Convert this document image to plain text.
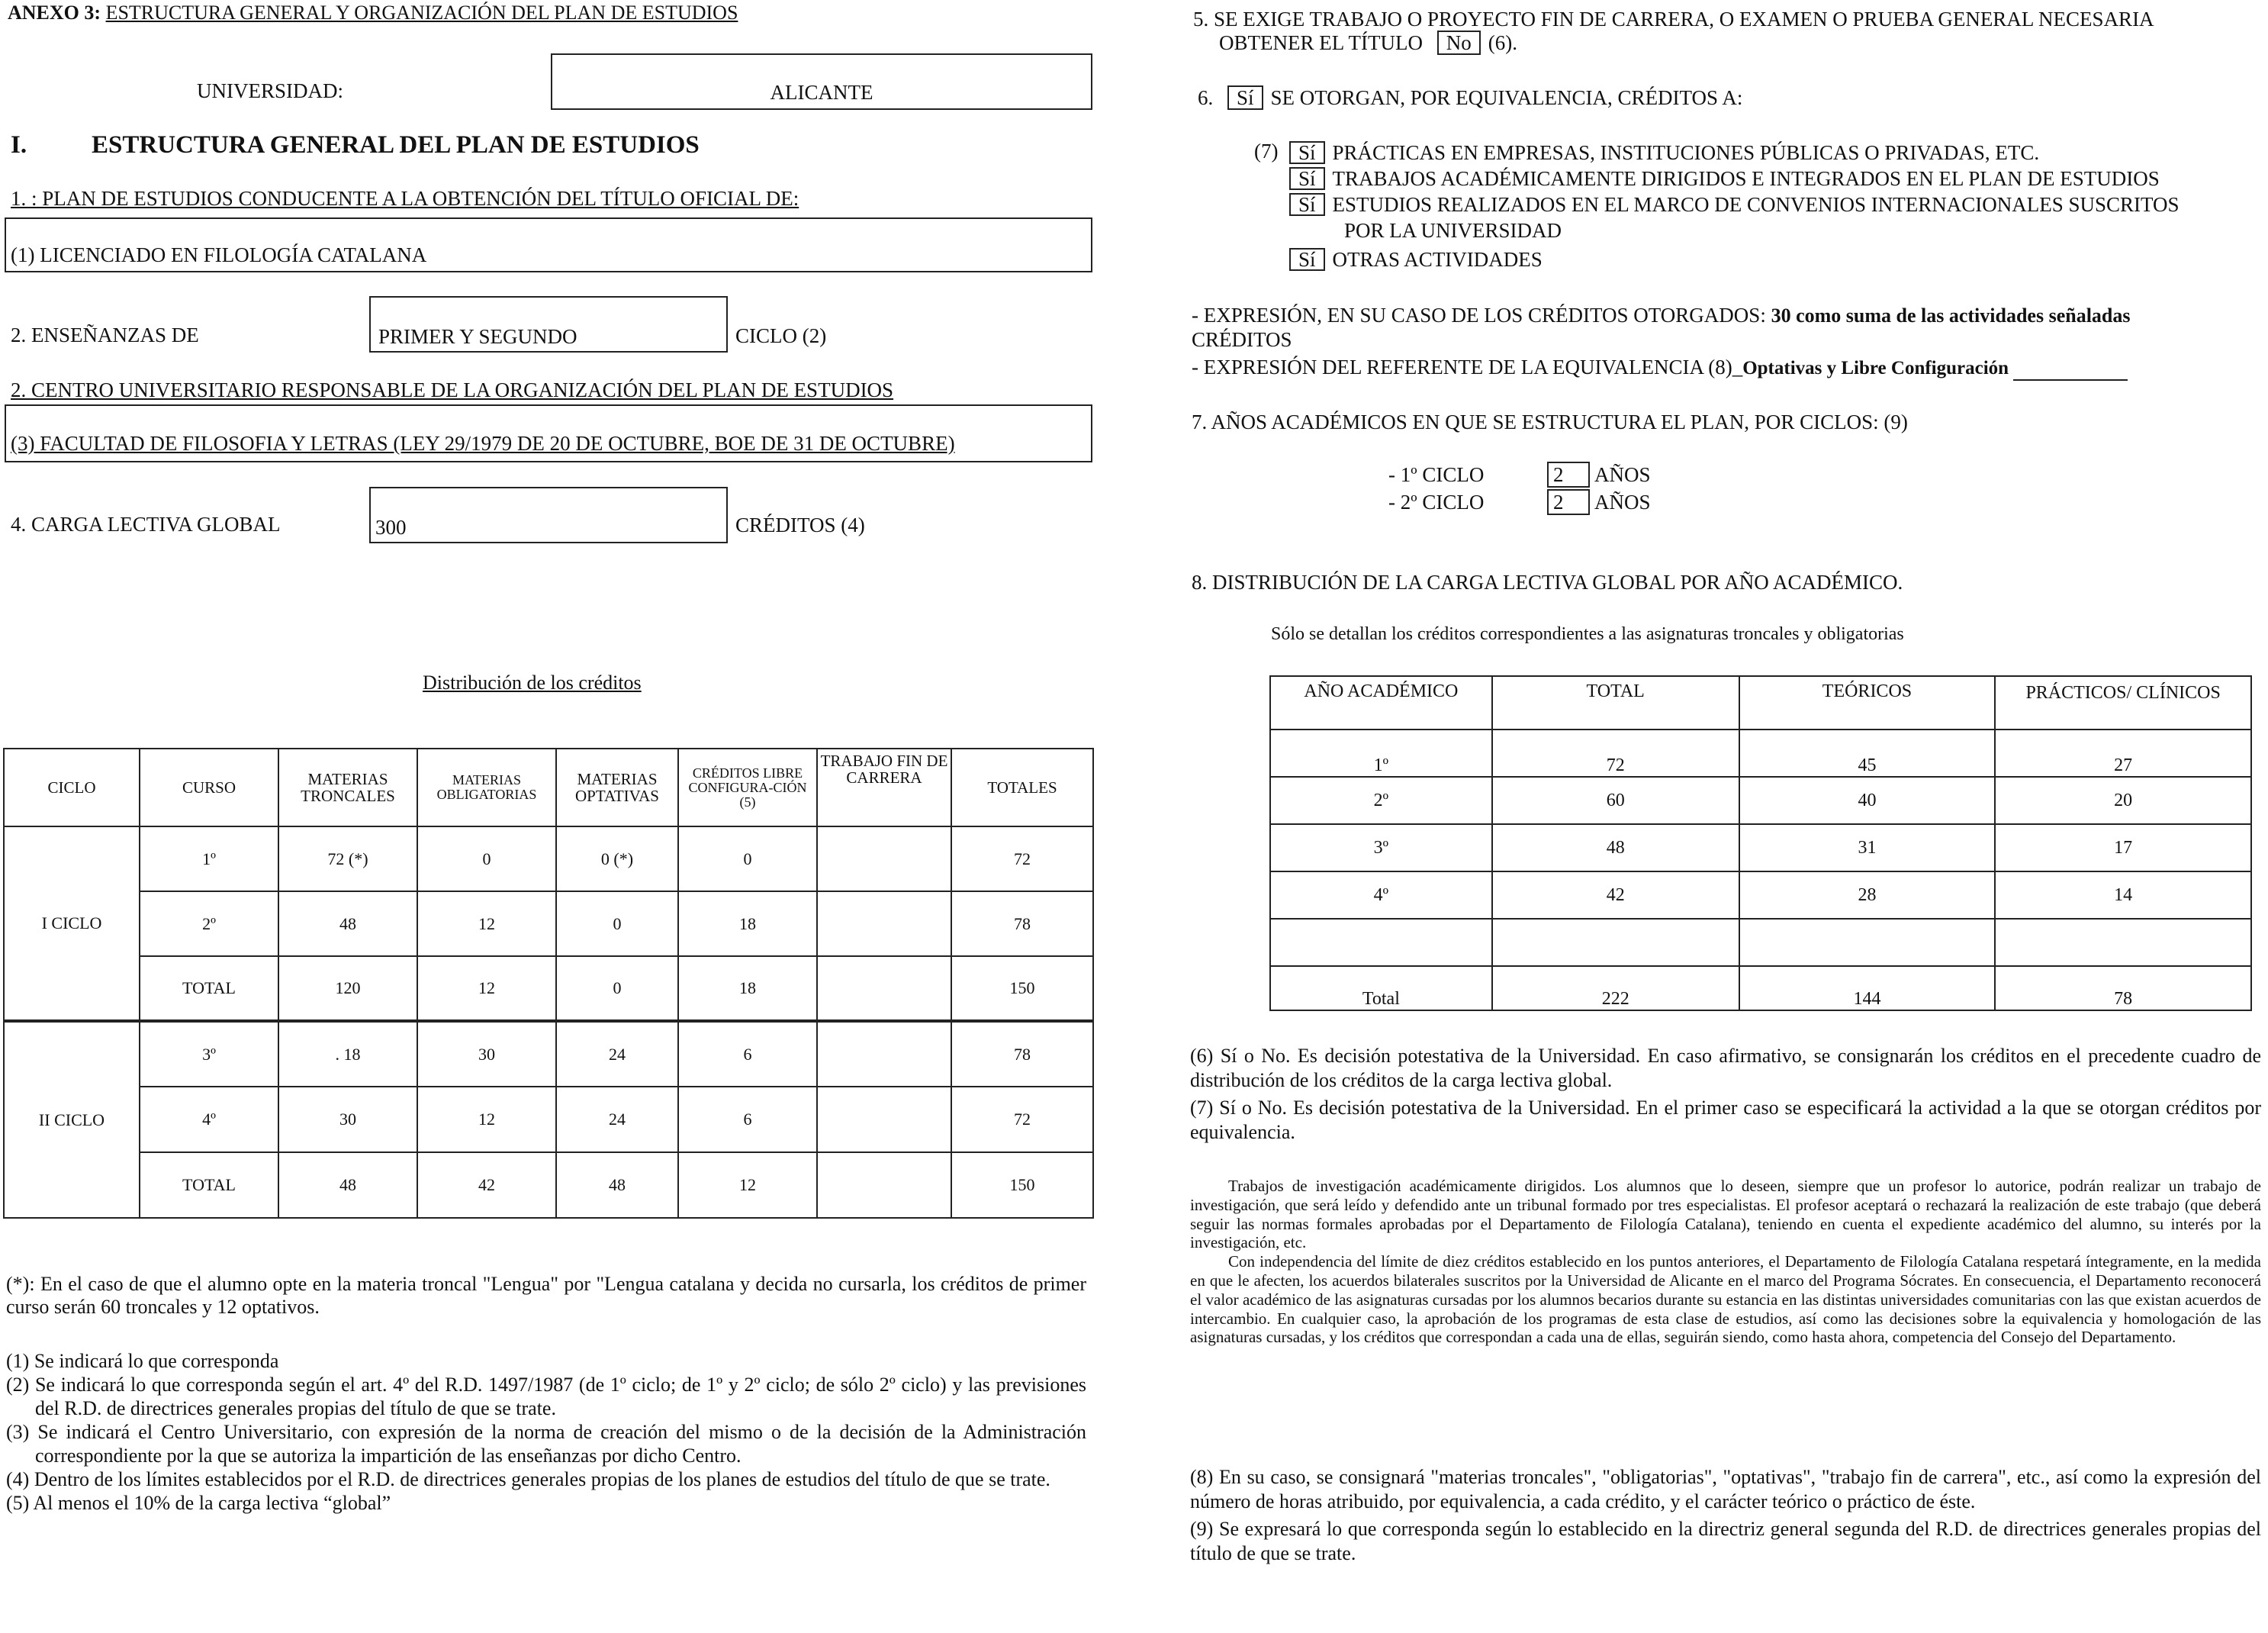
ANEXO 3: ESTRUCTURA GENERAL Y ORGANIZACIÓN DEL PLAN DE ESTUDIOS
UNIVERSIDAD:	ALICANTE
I.	ESTRUCTURA GENERAL DEL PLAN DE ESTUDIOS
1. : PLAN DE ESTUDIOS CONDUCENTE A LA OBTENCIÓN DEL TÍTULO OFICIAL DE:
(1) LICENCIADO EN FILOLOGÍA CATALANA
2. ENSEÑANZAS DE	PRIMER Y SEGUNDO	CICLO (2)
2. CENTRO UNIVERSITARIO RESPONSABLE DE LA ORGANIZACIÓN DEL PLAN DE ESTUDIOS
(3) FACULTAD DE FILOSOFIA Y LETRAS (LEY 29/1979 DE 20 DE OCTUBRE, BOE DE 31 DE OCTUBRE)
4. CARGA LECTIVA GLOBAL	300	CRÉDITOS (4)
Distribución de los créditos
CICLO	CURSO	MATERIAS TRONCALES	MATERIAS OBLIGATORIAS	MATERIAS OPTATIVAS	CRÉDITOS LIBRE CONFIGURA-CIÓN (5)	TRABAJO FIN DE CARRERA	TOTALES
I CICLO	1º	72 (*)	0	0 (*)	0		72
	2º	48	12	0	18		78
	TOTAL	120	12	0	18		150
II CICLO	3º	. 18	30	24	6		78
	4º	30	12	24	6		72
	TOTAL	48	42	48	12		150
(*): En el caso de que el alumno opte en la materia troncal "Lengua" por "Lengua catalana y decida no cursarla, los créditos de primer curso serán 60 troncales y 12 optativos.
(1) Se indicará lo que corresponda
(2) Se indicará lo que corresponda según el art. 4º del R.D. 1497/1987 (de 1º ciclo; de 1º y 2º ciclo; de sólo 2º ciclo) y las previsiones del R.D. de directrices generales propias del título de que se trate.
(3) Se indicará el Centro Universitario, con expresión de la norma de creación del mismo o de la decisión de la Administración correspondiente por la que se autoriza la impartición de las enseñanzas por dicho Centro.
(4) Dentro de los límites establecidos por el R.D. de directrices generales propias de los planes de estudios del título de que se trate.
(5) Al menos el 10% de la carga lectiva “global”
5. SE EXIGE TRABAJO O PROYECTO FIN DE CARRERA, O EXAMEN O PRUEBA GENERAL NECESARIA
OBTENER EL TÍTULO No (6).
6. Sí SE OTORGAN, POR EQUIVALENCIA, CRÉDITOS A:
(7) Sí PRÁCTICAS EN EMPRESAS, INSTITUCIONES PÚBLICAS O PRIVADAS, ETC.
Sí TRABAJOS ACADÉMICAMENTE DIRIGIDOS E INTEGRADOS EN EL PLAN DE ESTUDIOS
Sí ESTUDIOS REALIZADOS EN EL MARCO DE CONVENIOS INTERNACIONALES SUSCRITOS
POR LA UNIVERSIDAD
Sí OTRAS ACTIVIDADES
- EXPRESIÓN, EN SU CASO DE LOS CRÉDITOS OTORGADOS: 30 como suma de las actividades señaladas
CRÉDITOS
- EXPRESIÓN DEL REFERENTE DE LA EQUIVALENCIA (8)_Optativas y Libre Configuración
7. AÑOS ACADÉMICOS EN QUE SE ESTRUCTURA EL PLAN, POR CICLOS: (9)
- 1º CICLO	2 AÑOS
- 2º CICLO	2 AÑOS
8. DISTRIBUCIÓN DE LA CARGA LECTIVA GLOBAL POR AÑO ACADÉMICO.
Sólo se detallan los créditos correspondientes a las asignaturas troncales y obligatorias
AÑO ACADÉMICO	TOTAL	TEÓRICOS	PRÁCTICOS/ CLÍNICOS
1º	72	45	27
2º	60	40	20
3º	48	31	17
4º	42	28	14

Total	222	144	78
(6) Sí o No. Es decisión potestativa de la Universidad. En caso afirmativo, se consignarán los créditos en el precedente cuadro de distribución de los créditos de la carga lectiva global.
(7) Sí o No. Es decisión potestativa de la Universidad. En el primer caso se especificará la actividad a la que se otorgan créditos por equivalencia.

Trabajos de investigación académicamente dirigidos. Los alumnos que lo deseen, siempre que un profesor lo autorice, podrán realizar un trabajo de investigación, que será leído y defendido ante un tribunal formado por tres especialistas. El profesor aceptará o rechazará la realización de este trabajo (que deberá seguir las normas formales aprobadas por el Departamento de Filología Catalana), teniendo en cuenta el expediente académico del alumno, su interés por la investigación, etc.

Con independencia del límite de diez créditos establecido en los puntos anteriores, el Departamento de Filología Catalana respetará íntegramente, en la medida en que le afecten, los acuerdos bilaterales suscritos por la Universidad de Alicante en el marco del Programa Sócrates. En consecuencia, el Departamento reconocerá el valor académico de las asignaturas cursadas por los alumnos becarios durante su estancia en las distintas universidades comunitarias con las que existan acuerdos de intercambio. En cualquier caso, la aprobación de los programas de esta clase de estudios, así como las decisiones sobre la equivalencia y homologación de las asignaturas cursadas, y los créditos que correspondan a cada una de ellas, seguirán siendo, como hasta ahora, competencia del Consejo del Departamento.

(8) En su caso, se consignará "materias troncales", "obligatorias", "optativas", "trabajo fin de carrera", etc., así como la expresión del número de horas atribuido, por equivalencia, a cada crédito, y el carácter teórico o práctico de éste.
(9) Se expresará lo que corresponda según lo establecido en la directriz general segunda del R.D. de directrices generales propias del título de que se trate.
